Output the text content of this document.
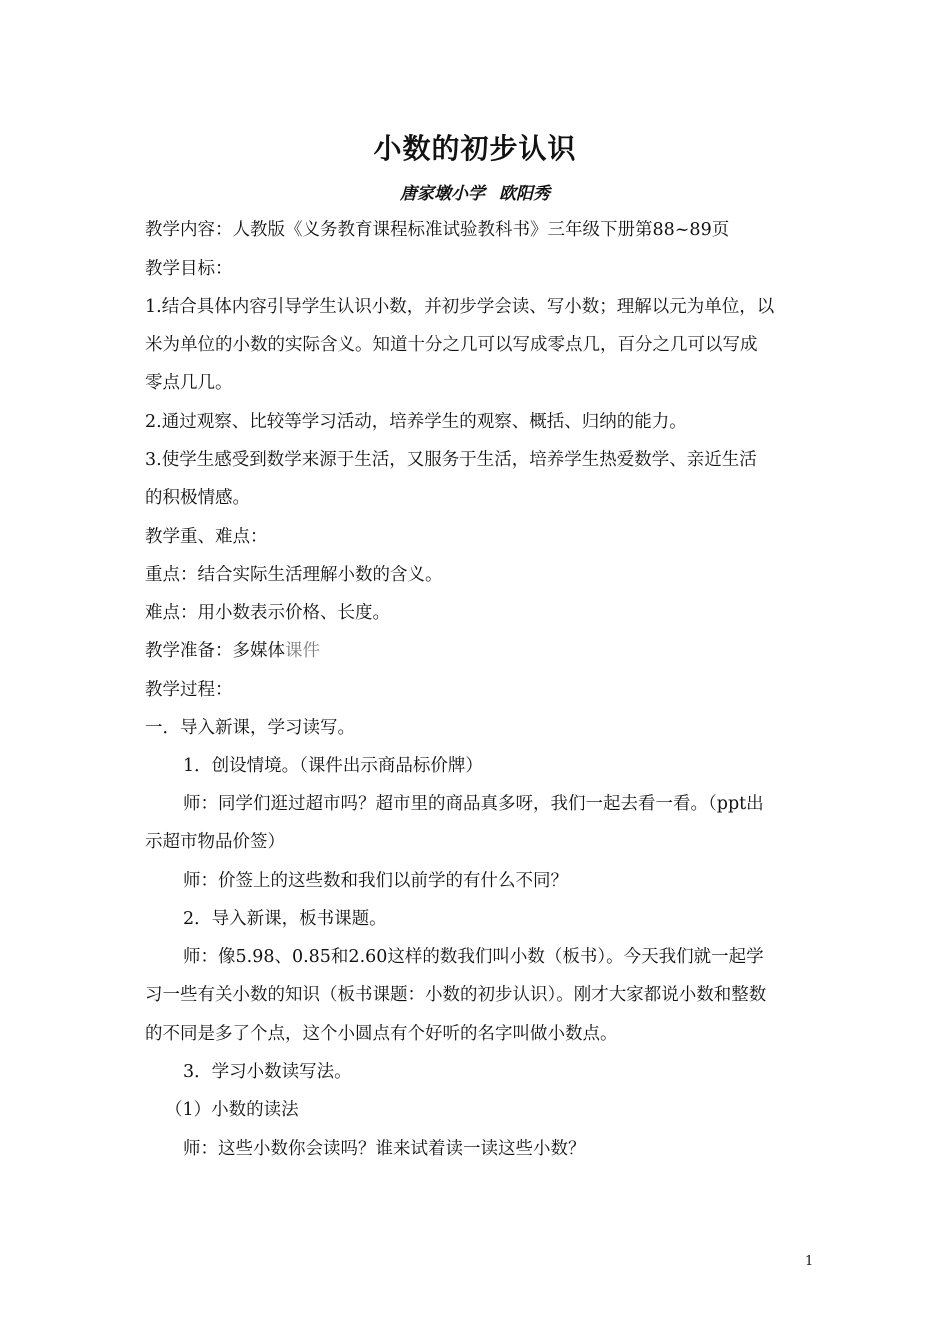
小数的初步认识
唐家墩小学 欧阳秀
教学内容：人教版《义务教育课程标准试验教科书》三年级下册第88~89页
教学目标：
1.结合具体内容引导学生认识小数，并初步学会读、写小数；理解以元为单位，以
米为单位的小数的实际含义。知道十分之几可以写成零点几，百分之几可以写成
零点几几。
2.通过观察、比较等学习活动，培养学生的观察、概括、归纳的能力。
3.使学生感受到数学来源于生活，又服务于生活，培养学生热爱数学、亲近生活
的积极情感。
教学重、难点：
重点：结合实际生活理解小数的含义。
难点：用小数表示价格、长度。
教学准备：多媒体课件
教学过程：
一．导入新课，学习读写。
1．创设情境。（课件出示商品标价牌）
师：同学们逛过超市吗？超市里的商品真多呀，我们一起去看一看。（ppt出
示超市物品价签）
师：价签上的这些数和我们以前学的有什么不同？
2．导入新课，板书课题。
师：像5.98、0.85和2.60这样的数我们叫小数（板书）。今天我们就一起学
习一些有关小数的知识（板书课题：小数的初步认识）。刚才大家都说小数和整数
的不同是多了个点，这个小圆点有个好听的名字叫做小数点。
3．学习小数读写法。
（1）小数的读法
师：这些小数你会读吗？谁来试着读一读这些小数？
1
